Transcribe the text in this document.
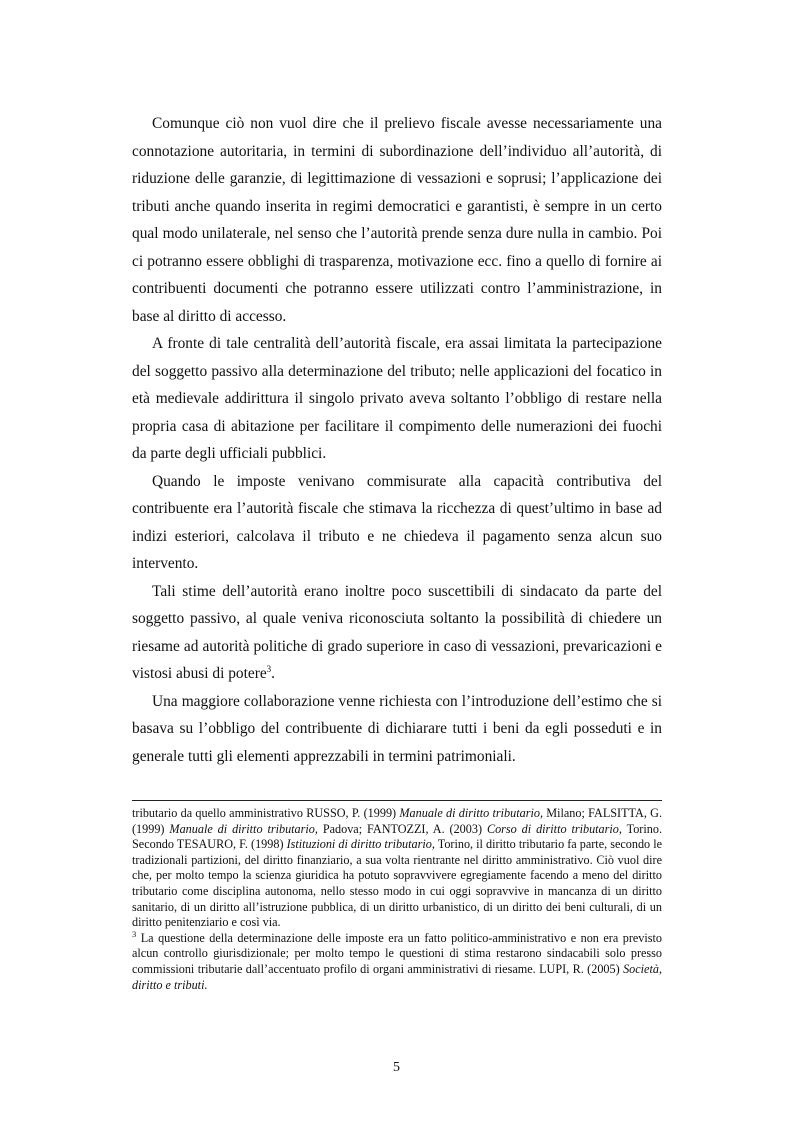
Comunque ciò non vuol dire che il prelievo fiscale avesse necessariamente una connotazione autoritaria, in termini di subordinazione dell’individuo all’autorità, di riduzione delle garanzie, di legittimazione di vessazioni e soprusi; l’applicazione dei tributi anche quando inserita in regimi democratici e garantisti, è sempre in un certo qual modo unilaterale, nel senso che l’autorità prende senza dure nulla in cambio. Poi ci potranno essere obblighi di trasparenza, motivazione ecc. fino a quello di fornire ai contribuenti documenti che potranno essere utilizzati contro l’amministrazione, in base al diritto di accesso.

A fronte di tale centralità dell’autorità fiscale, era assai limitata la partecipazione del soggetto passivo alla determinazione del tributo; nelle applicazioni del focatico in età medievale addirittura il singolo privato aveva soltanto l’obbligo di restare nella propria casa di abitazione per facilitare il compimento delle numerazioni dei fuochi da parte degli ufficiali pubblici.

Quando le imposte venivano commisurate alla capacità contributiva del contribuente era l’autorità fiscale che stimava la ricchezza di quest’ultimo in base ad indizi esteriori, calcolava il tributo e ne chiedeva il pagamento senza alcun suo intervento.

Tali stime dell’autorità erano inoltre poco suscettibili di sindacato da parte del soggetto passivo, al quale veniva riconosciuta soltanto la possibilità di chiedere un riesame ad autorità politiche di grado superiore in caso di vessazioni, prevaricazioni e vistosi abusi di potere$^3$.

Una maggiore collaborazione venne richiesta con l’introduzione dell’estimo che si basava su l’obbligo del contribuente di dichiarare tutti i beni da egli posseduti e in generale tutti gli elementi apprezzabili in termini patrimoniali.

tributario da quello amministrativo RUSSO, P. (1999) Manuale di diritto tributario, Milano; FALSITTA, G. (1999) Manuale di diritto tributario, Padova; FANTOZZI, A. (2003) Corso di diritto tributario, Torino. Secondo TESAURO, F. (1998) Istituzioni di diritto tributario, Torino, il diritto tributario fa parte, secondo le tradizionali partizioni, del diritto finanziario, a sua volta rientrante nel diritto amministrativo. Ciò vuol dire che, per molto tempo la scienza giuridica ha potuto sopravvivere egregiamente facendo a meno del diritto tributario come disciplina autonoma, nello stesso modo in cui oggi sopravvive in mancanza di un diritto sanitario, di un diritto all’istruzione pubblica, di un diritto urbanistico, di un diritto dei beni culturali, di un diritto penitenziario e così via.

$^3$ La questione della determinazione delle imposte era un fatto politico-amministrativo e non era previsto alcun controllo giurisdizionale; per molto tempo le questioni di stima restarono sindacabili solo presso commissioni tributarie dall’accentuato profilo di organi amministrativi di riesame. LUPI, R. (2005) Società, diritto e tributi.

5
